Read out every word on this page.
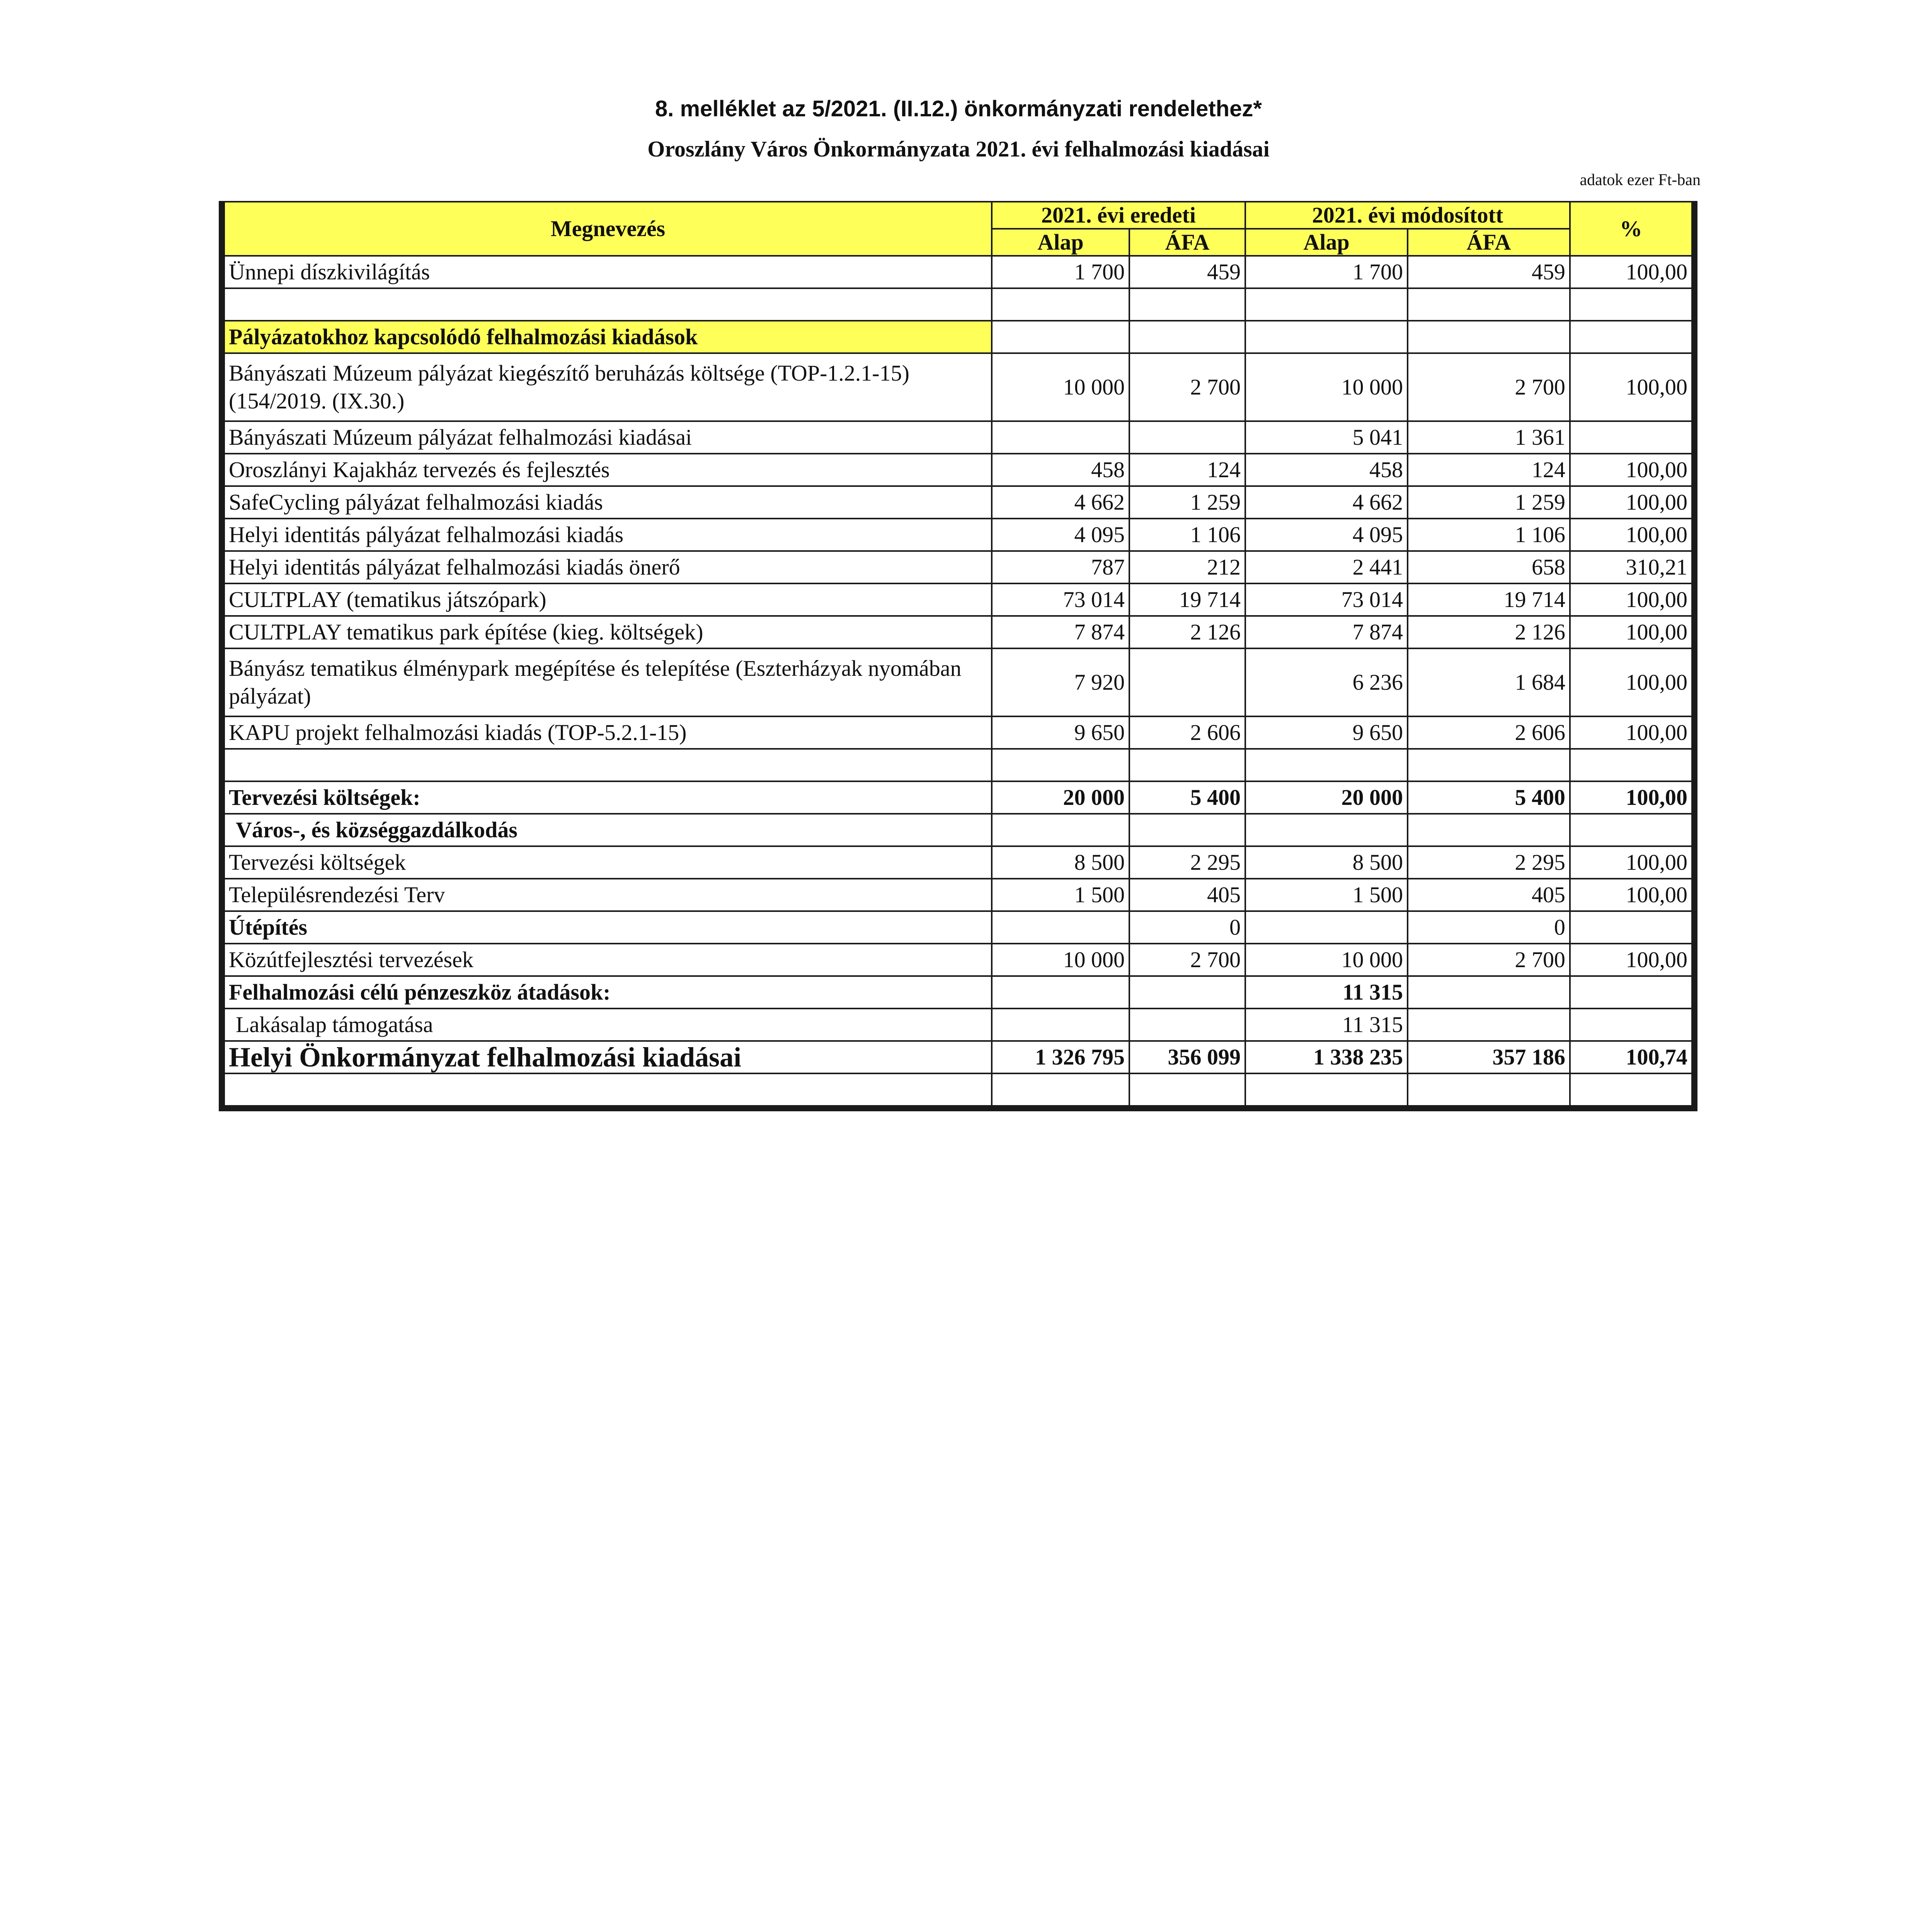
8. melléklet az 5/2021. (II.12.) önkormányzati rendelethez*
Oroszlány Város Önkormányzata 2021. évi felhalmozási kiadásai
adatok ezer Ft-ban
Megnevezés	2021. évi eredeti		2021. évi módosított		%
	Alap	ÁFA	Alap	ÁFA	
Ünnepi díszkivilágítás	1 700	459	1 700	459	100,00

Pályázatokhoz kapcsolódó felhalmozási kiadások					
Bányászati Múzeum pályázat kiegészítő beruházás költsége (TOP-1.2.1-15) (154/2019. (IX.30.)	10 000	2 700	10 000	2 700	100,00
Bányászati Múzeum pályázat felhalmozási kiadásai			5 041	1 361	
Oroszlányi Kajakház tervezés és fejlesztés	458	124	458	124	100,00
SafeCycling pályázat felhalmozási kiadás	4 662	1 259	4 662	1 259	100,00
Helyi identitás pályázat felhalmozási kiadás	4 095	1 106	4 095	1 106	100,00
Helyi identitás pályázat felhalmozási kiadás önerő	787	212	2 441	658	310,21
CULTPLAY (tematikus játszópark)	73 014	19 714	73 014	19 714	100,00
CULTPLAY tematikus park építése (kieg. költségek)	7 874	2 126	7 874	2 126	100,00
Bányász tematikus élménypark megépítése és telepítése (Eszterházyak nyomában pályázat)	7 920		6 236	1 684	100,00
KAPU projekt felhalmozási kiadás (TOP-5.2.1-15)	9 650	2 606	9 650	2 606	100,00

Tervezési költségek:	20 000	5 400	20 000	5 400	100,00
Város-, és községgazdálkodás					
Tervezési költségek	8 500	2 295	8 500	2 295	100,00
Településrendezési Terv	1 500	405	1 500	405	100,00
Útépítés		0		0	
Közútfejlesztési tervezések	10 000	2 700	10 000	2 700	100,00
Felhalmozási célú pénzeszköz átadások:			11 315		
Lakásalap támogatása			11 315		
Helyi Önkormányzat felhalmozási kiadásai	1 326 795	356 099	1 338 235	357 186	100,74
